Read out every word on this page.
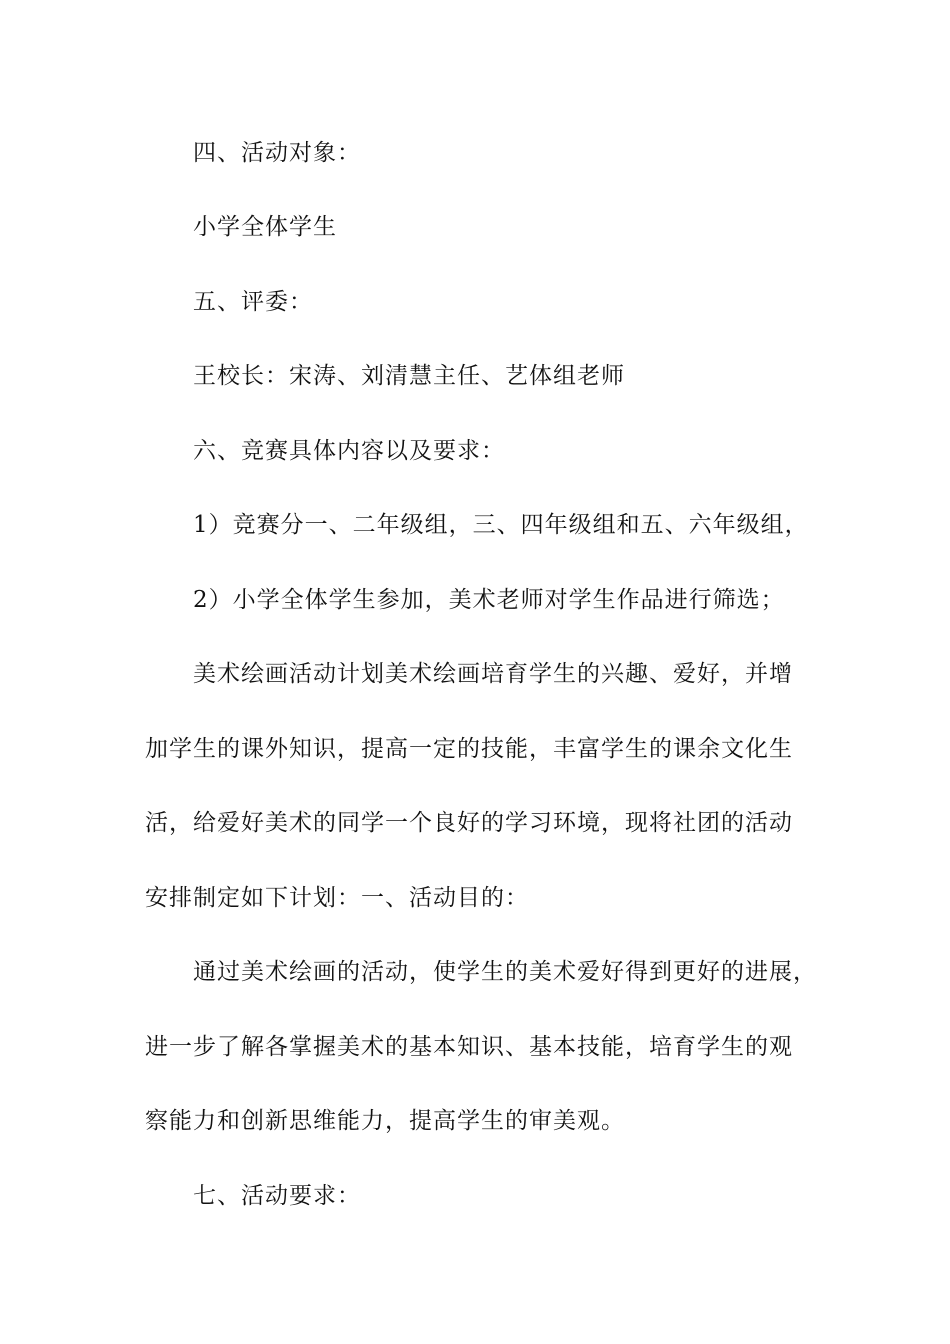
四、活动对象：
小学全体学生
五、评委：
王校长：宋涛、刘清慧主任、艺体组老师
六、竞赛具体内容以及要求：
1）竞赛分一、二年级组，三、四年级组和五、六年级组，
2）小学全体学生参加，美术老师对学生作品进行筛选；
美术绘画活动计划美术绘画培育学生的兴趣、爱好，并增
加学生的课外知识，提高一定的技能，丰富学生的课余文化生
活，给爱好美术的同学一个良好的学习环境，现将社团的活动
安排制定如下计划：一、活动目的：
通过美术绘画的活动，使学生的美术爱好得到更好的进展，
进一步了解各掌握美术的基本知识、基本技能，培育学生的观
察能力和创新思维能力，提高学生的审美观。
七、活动要求：
